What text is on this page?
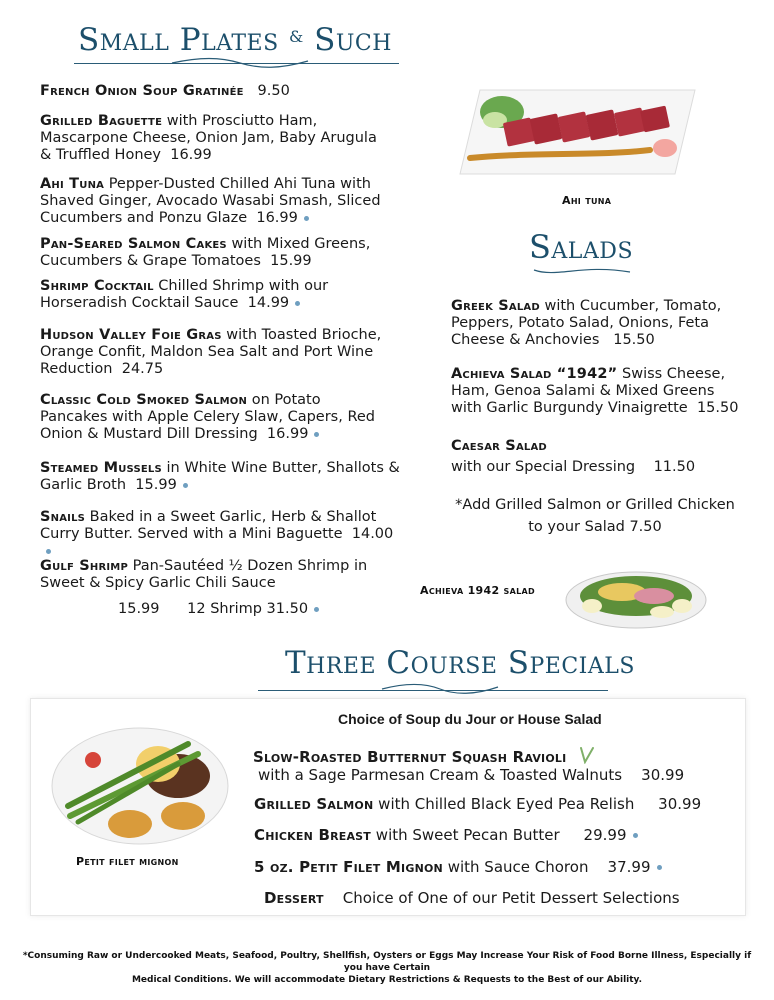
Small Plates & Such
French Onion Soup Gratinée 9.50
Grilled Baguette with Prosciutto Ham, Mascarpone Cheese, Onion Jam, Baby Arugula & Truffled Honey 16.99
Ahi Tuna Pepper-Dusted Chilled Ahi Tuna with Shaved Ginger, Avocado Wasabi Smash, Sliced Cucumbers and Ponzu Glaze 16.99
Pan-Seared Salmon Cakes with Mixed Greens, Cucumbers & Grape Tomatoes 15.99
Shrimp Cocktail Chilled Shrimp with our Horseradish Cocktail Sauce 14.99
Hudson Valley Foie Gras with Toasted Brioche, Orange Confit, Maldon Sea Salt and Port Wine Reduction 24.75
Classic Cold Smoked Salmon on Potato Pancakes with Apple Celery Slaw, Capers, Red Onion & Mustard Dill Dressing 16.99
Steamed Mussels in White Wine Butter, Shallots & Garlic Broth 15.99
Snails Baked in a Sweet Garlic, Herb & Shallot Curry Butter. Served with a Mini Baguette 14.00
Gulf Shrimp Pan-Sautéed ½ Dozen Shrimp in Sweet & Spicy Garlic Chili Sauce
15.99 12 Shrimp 31.50
Ahi tuna
Salads
Greek Salad with Cucumber, Tomato, Peppers, Potato Salad, Onions, Feta Cheese & Anchovies 15.50
Achieva Salad “1942” Swiss Cheese, Ham, Genoa Salami & Mixed Greens with Garlic Burgundy Vinaigrette 15.50
Caesar Salad
with our Special Dressing 11.50
*Add Grilled Salmon or Grilled Chicken
to your Salad 7.50
Achieva 1942 salad
Three Course Specials
Choice of Soup du Jour or House Salad
Petit filet mignon
Slow-Roasted Butternut Squash Ravioli
with a Sage Parmesan Cream & Toasted Walnuts 30.99
Grilled Salmon with Chilled Black Eyed Pea Relish 30.99
Chicken Breast with Sweet Pecan Butter 29.99
5 oz. Petit Filet Mignon with Sauce Choron 37.99
Dessert Choice of One of our Petit Dessert Selections
*Consuming Raw or Undercooked Meats, Seafood, Poultry, Shellfish, Oysters or Eggs May Increase Your Risk of Food Borne Illness, Especially if you have Certain
Medical Conditions. We will accommodate Dietary Restrictions & Requests to the Best of our Ability.
